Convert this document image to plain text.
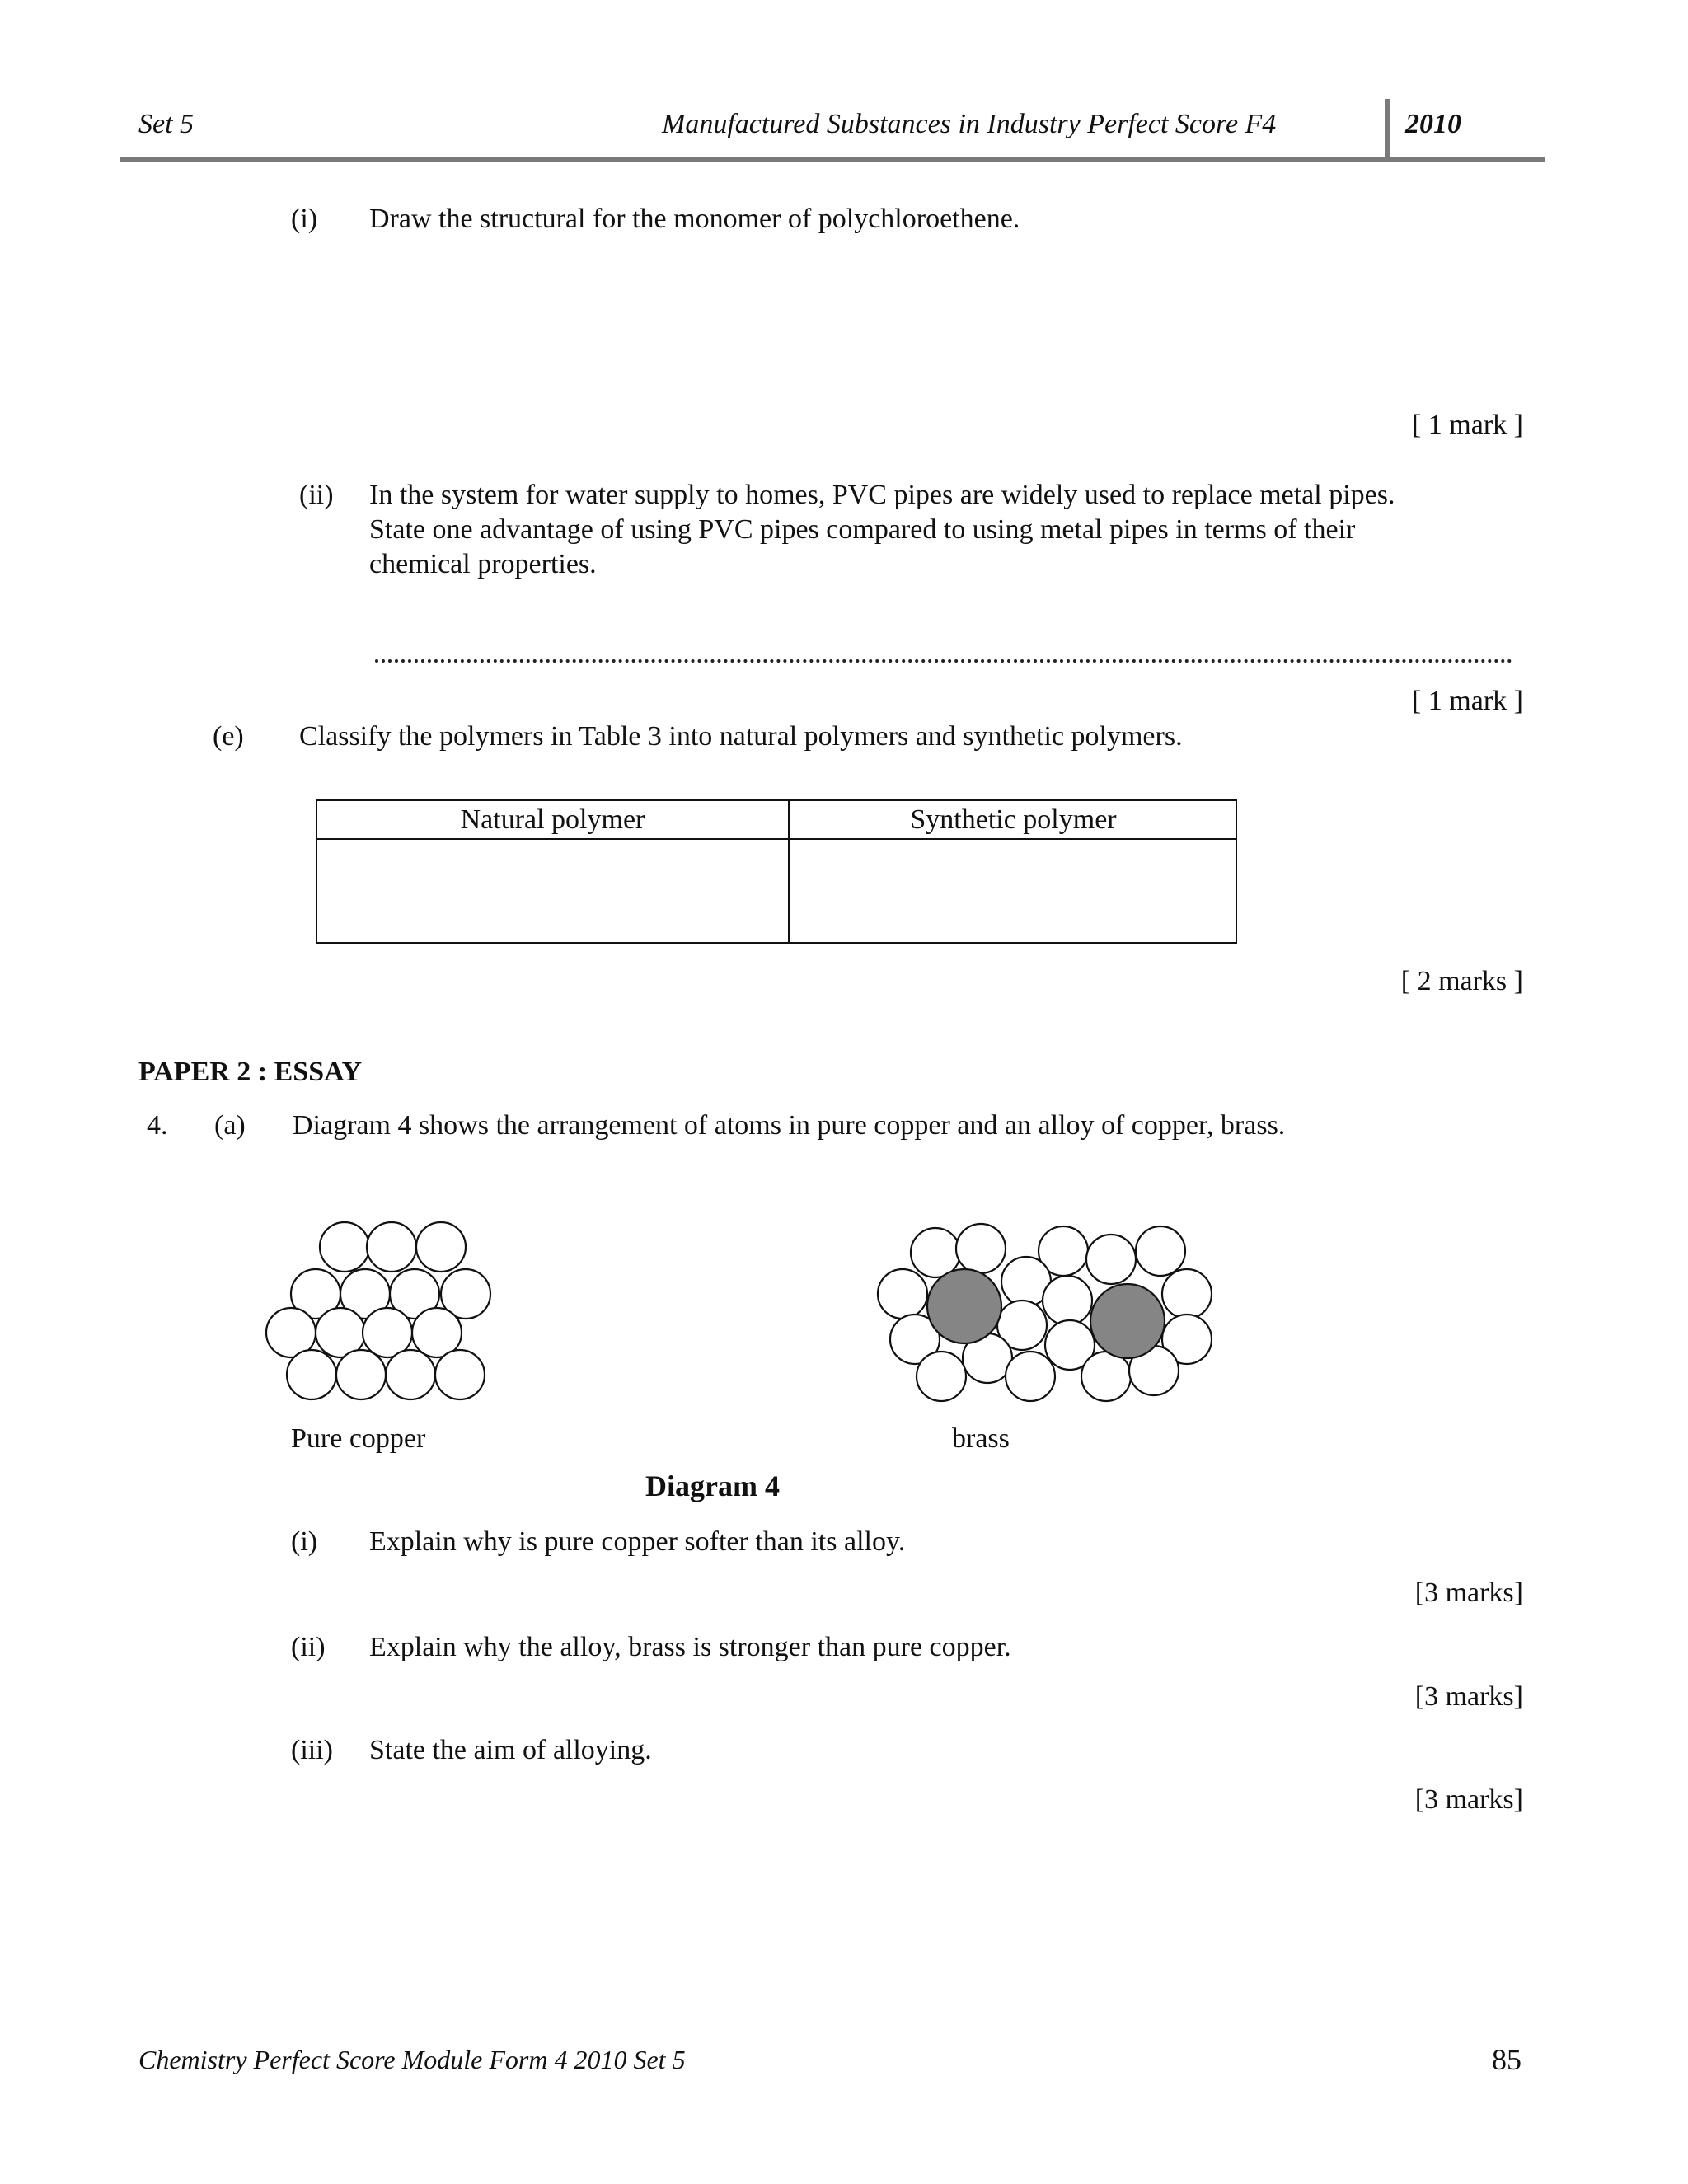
Set 5	Manufactured Substances in Industry Perfect Score F4	2010
(i) Draw the structural for the monomer of polychloroethene.
[ 1 mark ]
(ii) In the system for water supply to homes, PVC pipes are widely used to replace metal pipes.
State one advantage of using PVC pipes compared to using metal pipes in terms of their
chemical properties.
[ 1 mark ]
(e) Classify the polymers in Table 3 into natural polymers and synthetic polymers.
Natural polymer	Synthetic polymer
[ 2 marks ]
PAPER 2 : ESSAY
4. (a) Diagram 4 shows the arrangement of atoms in pure copper and an alloy of copper, brass.
Pure copper	brass
Diagram 4
(i) Explain why is pure copper softer than its alloy.
[3 marks]
(ii) Explain why the alloy, brass is stronger than pure copper.
[3 marks]
(iii) State the aim of alloying.
[3 marks]
Chemistry Perfect Score Module Form 4 2010 Set 5	85
